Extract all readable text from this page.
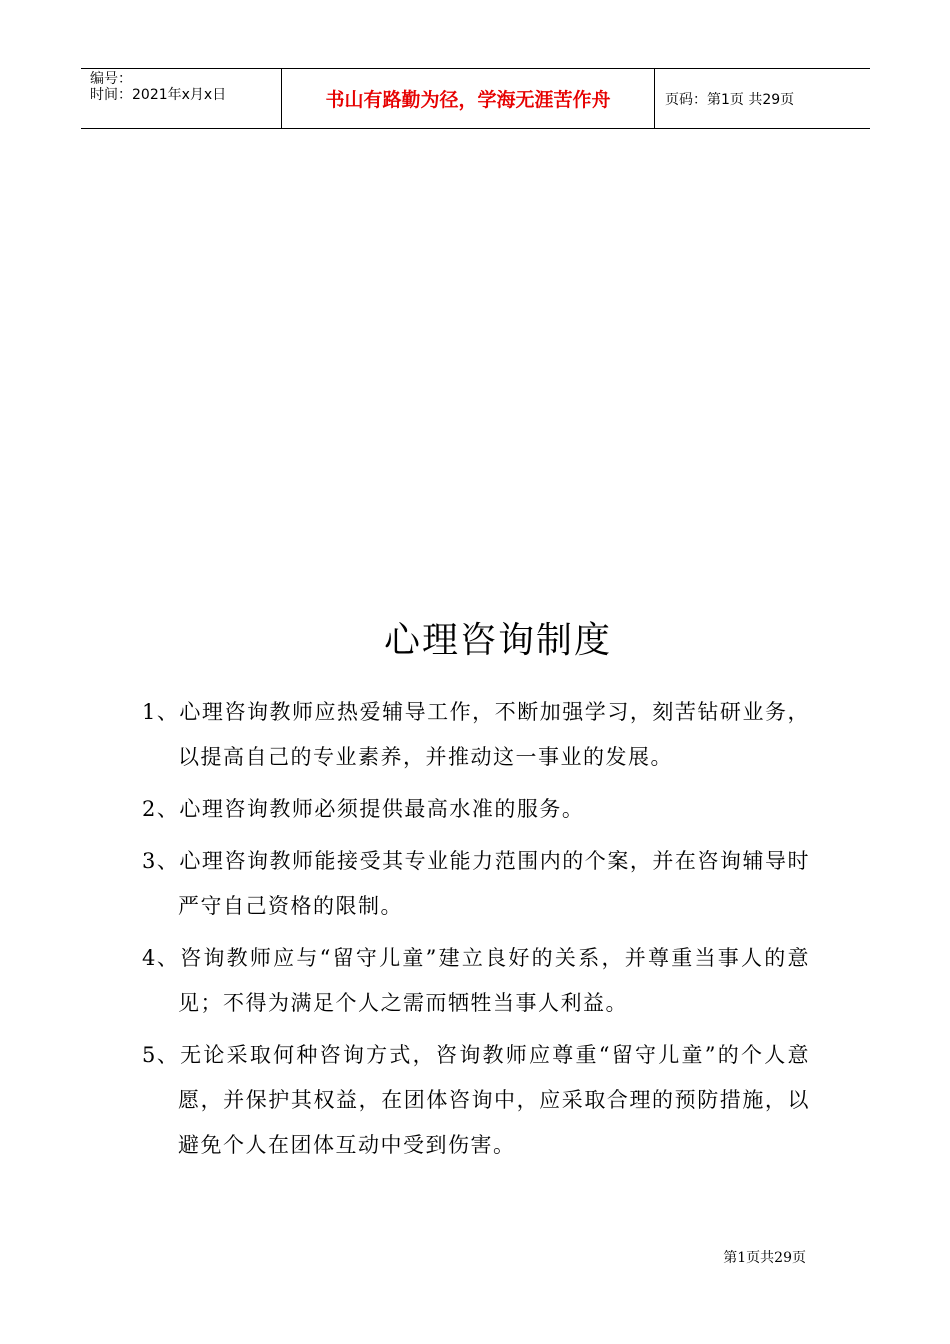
编号：
时间：2021年x月x日	书山有路勤为径，学海无涯苦作舟	页码：第1页 共29页
心理咨询制度
1、心理咨询教师应热爱辅导工作，不断加强学习，刻苦钻研业务，以提高自己的专业素养，并推动这一事业的发展。
2、心理咨询教师必须提供最高水准的服务。
3、心理咨询教师能接受其专业能力范围内的个案，并在咨询辅导时严守自己资格的限制。
4、咨询教师应与“留守儿童”建立良好的关系，并尊重当事人的意见；不得为满足个人之需而牺牲当事人利益。
5、无论采取何种咨询方式，咨询教师应尊重“留守儿童”的个人意愿，并保护其权益，在团体咨询中，应采取合理的预防措施，以避免个人在团体互动中受到伤害。
第1页共29页
